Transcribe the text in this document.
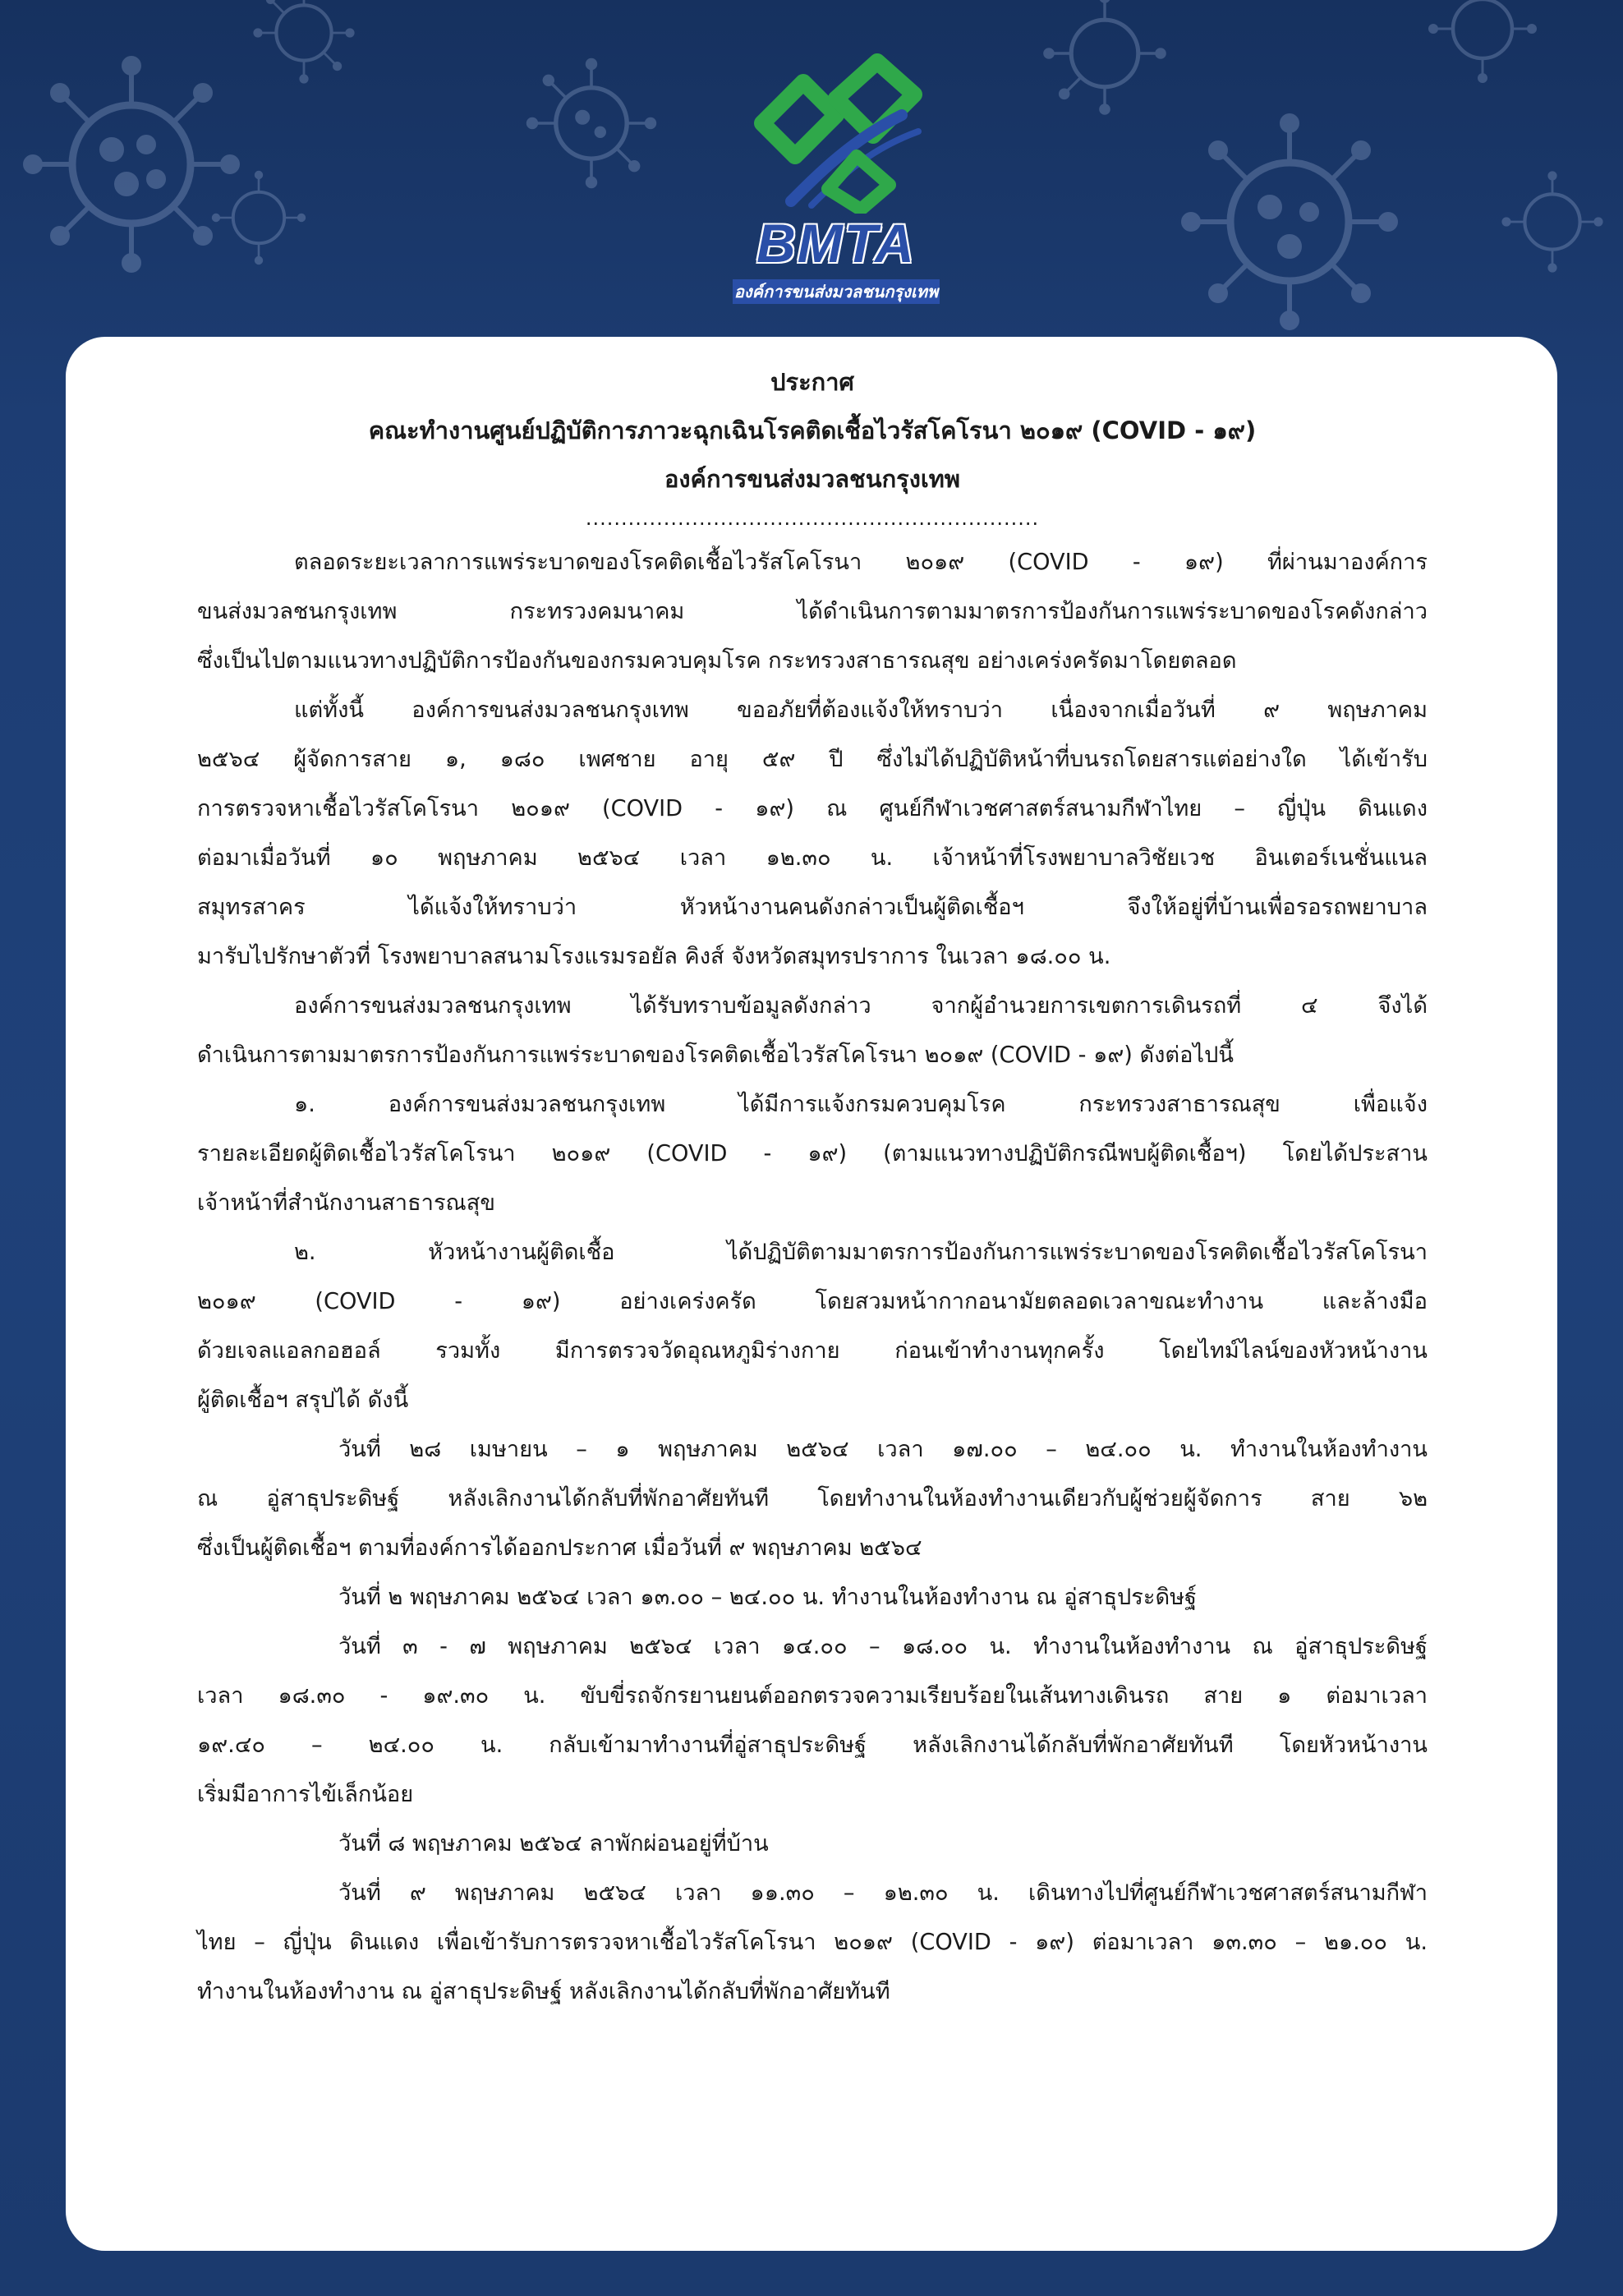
BMTA
องค์การขนส่งมวลชนกรุงเทพ

ประกาศ

คณะทำงานศูนย์ปฏิบัติการภาวะฉุกเฉินโรคติดเชื้อไวรัสโคโรนา ๒๐๑๙ (COVID - ๑๙)

องค์การขนส่งมวลชนกรุงเทพ

................................................................

ตลอดระยะเวลาการแพร่ระบาดของโรคติดเชื้อไวรัสโคโรนา ๒๐๑๙ (COVID - ๑๙) ที่ผ่านมาองค์การ

ขนส่งมวลชนกรุงเทพ กระทรวงคมนาคม ได้ดำเนินการตามมาตรการป้องกันการแพร่ระบาดของโรคดังกล่าว

ซึ่งเป็นไปตามแนวทางปฏิบัติการป้องกันของกรมควบคุมโรค กระทรวงสาธารณสุข อย่างเคร่งครัดมาโดยตลอด

แต่ทั้งนี้ องค์การขนส่งมวลชนกรุงเทพ ขออภัยที่ต้องแจ้งให้ทราบว่า เนื่องจากเมื่อวันที่ ๙ พฤษภาคม

๒๕๖๔ ผู้จัดการสาย ๑, ๑๘๐ เพศชาย อายุ ๕๙ ปี ซึ่งไม่ได้ปฏิบัติหน้าที่บนรถโดยสารแต่อย่างใด ได้เข้ารับ

การตรวจหาเชื้อไวรัสโคโรนา ๒๐๑๙ (COVID - ๑๙) ณ ศูนย์กีฬาเวชศาสตร์สนามกีฬาไทย – ญี่ปุ่น ดินแดง

ต่อมาเมื่อวันที่ ๑๐ พฤษภาคม ๒๕๖๔ เวลา ๑๒.๓๐ น. เจ้าหน้าที่โรงพยาบาลวิชัยเวช อินเตอร์เนชั่นแนล

สมุทรสาคร ได้แจ้งให้ทราบว่า หัวหน้างานคนดังกล่าวเป็นผู้ติดเชื้อฯ จึงให้อยู่ที่บ้านเพื่อรอรถพยาบาล

มารับไปรักษาตัวที่ โรงพยาบาลสนามโรงแรมรอยัล คิงส์ จังหวัดสมุทรปราการ ในเวลา ๑๘.๐๐ น.

องค์การขนส่งมวลชนกรุงเทพ ได้รับทราบข้อมูลดังกล่าว จากผู้อำนวยการเขตการเดินรถที่ ๔ จึงได้

ดำเนินการตามมาตรการป้องกันการแพร่ระบาดของโรคติดเชื้อไวรัสโคโรนา ๒๐๑๙ (COVID - ๑๙) ดังต่อไปนี้

๑. องค์การขนส่งมวลชนกรุงเทพ ได้มีการแจ้งกรมควบคุมโรค กระทรวงสาธารณสุข เพื่อแจ้ง

รายละเอียดผู้ติดเชื้อไวรัสโคโรนา ๒๐๑๙ (COVID - ๑๙) (ตามแนวทางปฏิบัติกรณีพบผู้ติดเชื้อฯ) โดยได้ประสาน

เจ้าหน้าที่สำนักงานสาธารณสุข

๒. หัวหน้างานผู้ติดเชื้อ ได้ปฏิบัติตามมาตรการป้องกันการแพร่ระบาดของโรคติดเชื้อไวรัสโคโรนา

๒๐๑๙ (COVID - ๑๙) อย่างเคร่งครัด โดยสวมหน้ากากอนามัยตลอดเวลาขณะทำงาน และล้างมือ

ด้วยเจลแอลกอฮอล์ รวมทั้ง มีการตรวจวัดอุณหภูมิร่างกาย ก่อนเข้าทำงานทุกครั้ง โดยไทม์ไลน์ของหัวหน้างาน

ผู้ติดเชื้อฯ สรุปได้ ดังนี้

วันที่ ๒๘ เมษายน – ๑ พฤษภาคม ๒๕๖๔ เวลา ๑๗.๐๐ – ๒๔.๐๐ น. ทำงานในห้องทำงาน

ณ อู่สาธุประดิษฐ์ หลังเลิกงานได้กลับที่พักอาศัยทันที โดยทำงานในห้องทำงานเดียวกับผู้ช่วยผู้จัดการ สาย ๖๒

ซึ่งเป็นผู้ติดเชื้อฯ ตามที่องค์การได้ออกประกาศ เมื่อวันที่ ๙ พฤษภาคม ๒๕๖๔

วันที่ ๒ พฤษภาคม ๒๕๖๔ เวลา ๑๓.๐๐ – ๒๔.๐๐ น. ทำงานในห้องทำงาน ณ อู่สาธุประดิษฐ์

วันที่ ๓ - ๗ พฤษภาคม ๒๕๖๔ เวลา ๑๔.๐๐ – ๑๘.๐๐ น. ทำงานในห้องทำงาน ณ อู่สาธุประดิษฐ์

เวลา ๑๘.๓๐ - ๑๙.๓๐ น. ขับขี่รถจักรยานยนต์ออกตรวจความเรียบร้อยในเส้นทางเดินรถ สาย ๑ ต่อมาเวลา

๑๙.๔๐ – ๒๔.๐๐ น. กลับเข้ามาทำงานที่อู่สาธุประดิษฐ์ หลังเลิกงานได้กลับที่พักอาศัยทันที โดยหัวหน้างาน

เริ่มมีอาการไข้เล็กน้อย

วันที่ ๘ พฤษภาคม ๒๕๖๔ ลาพักผ่อนอยู่ที่บ้าน

วันที่ ๙ พฤษภาคม ๒๕๖๔ เวลา ๑๑.๓๐ – ๑๒.๓๐ น. เดินทางไปที่ศูนย์กีฬาเวชศาสตร์สนามกีฬา

ไทย – ญี่ปุ่น ดินแดง เพื่อเข้ารับการตรวจหาเชื้อไวรัสโคโรนา ๒๐๑๙ (COVID - ๑๙) ต่อมาเวลา ๑๓.๓๐ – ๒๑.๐๐ น.

ทำงานในห้องทำงาน ณ อู่สาธุประดิษฐ์ หลังเลิกงานได้กลับที่พักอาศัยทันที
